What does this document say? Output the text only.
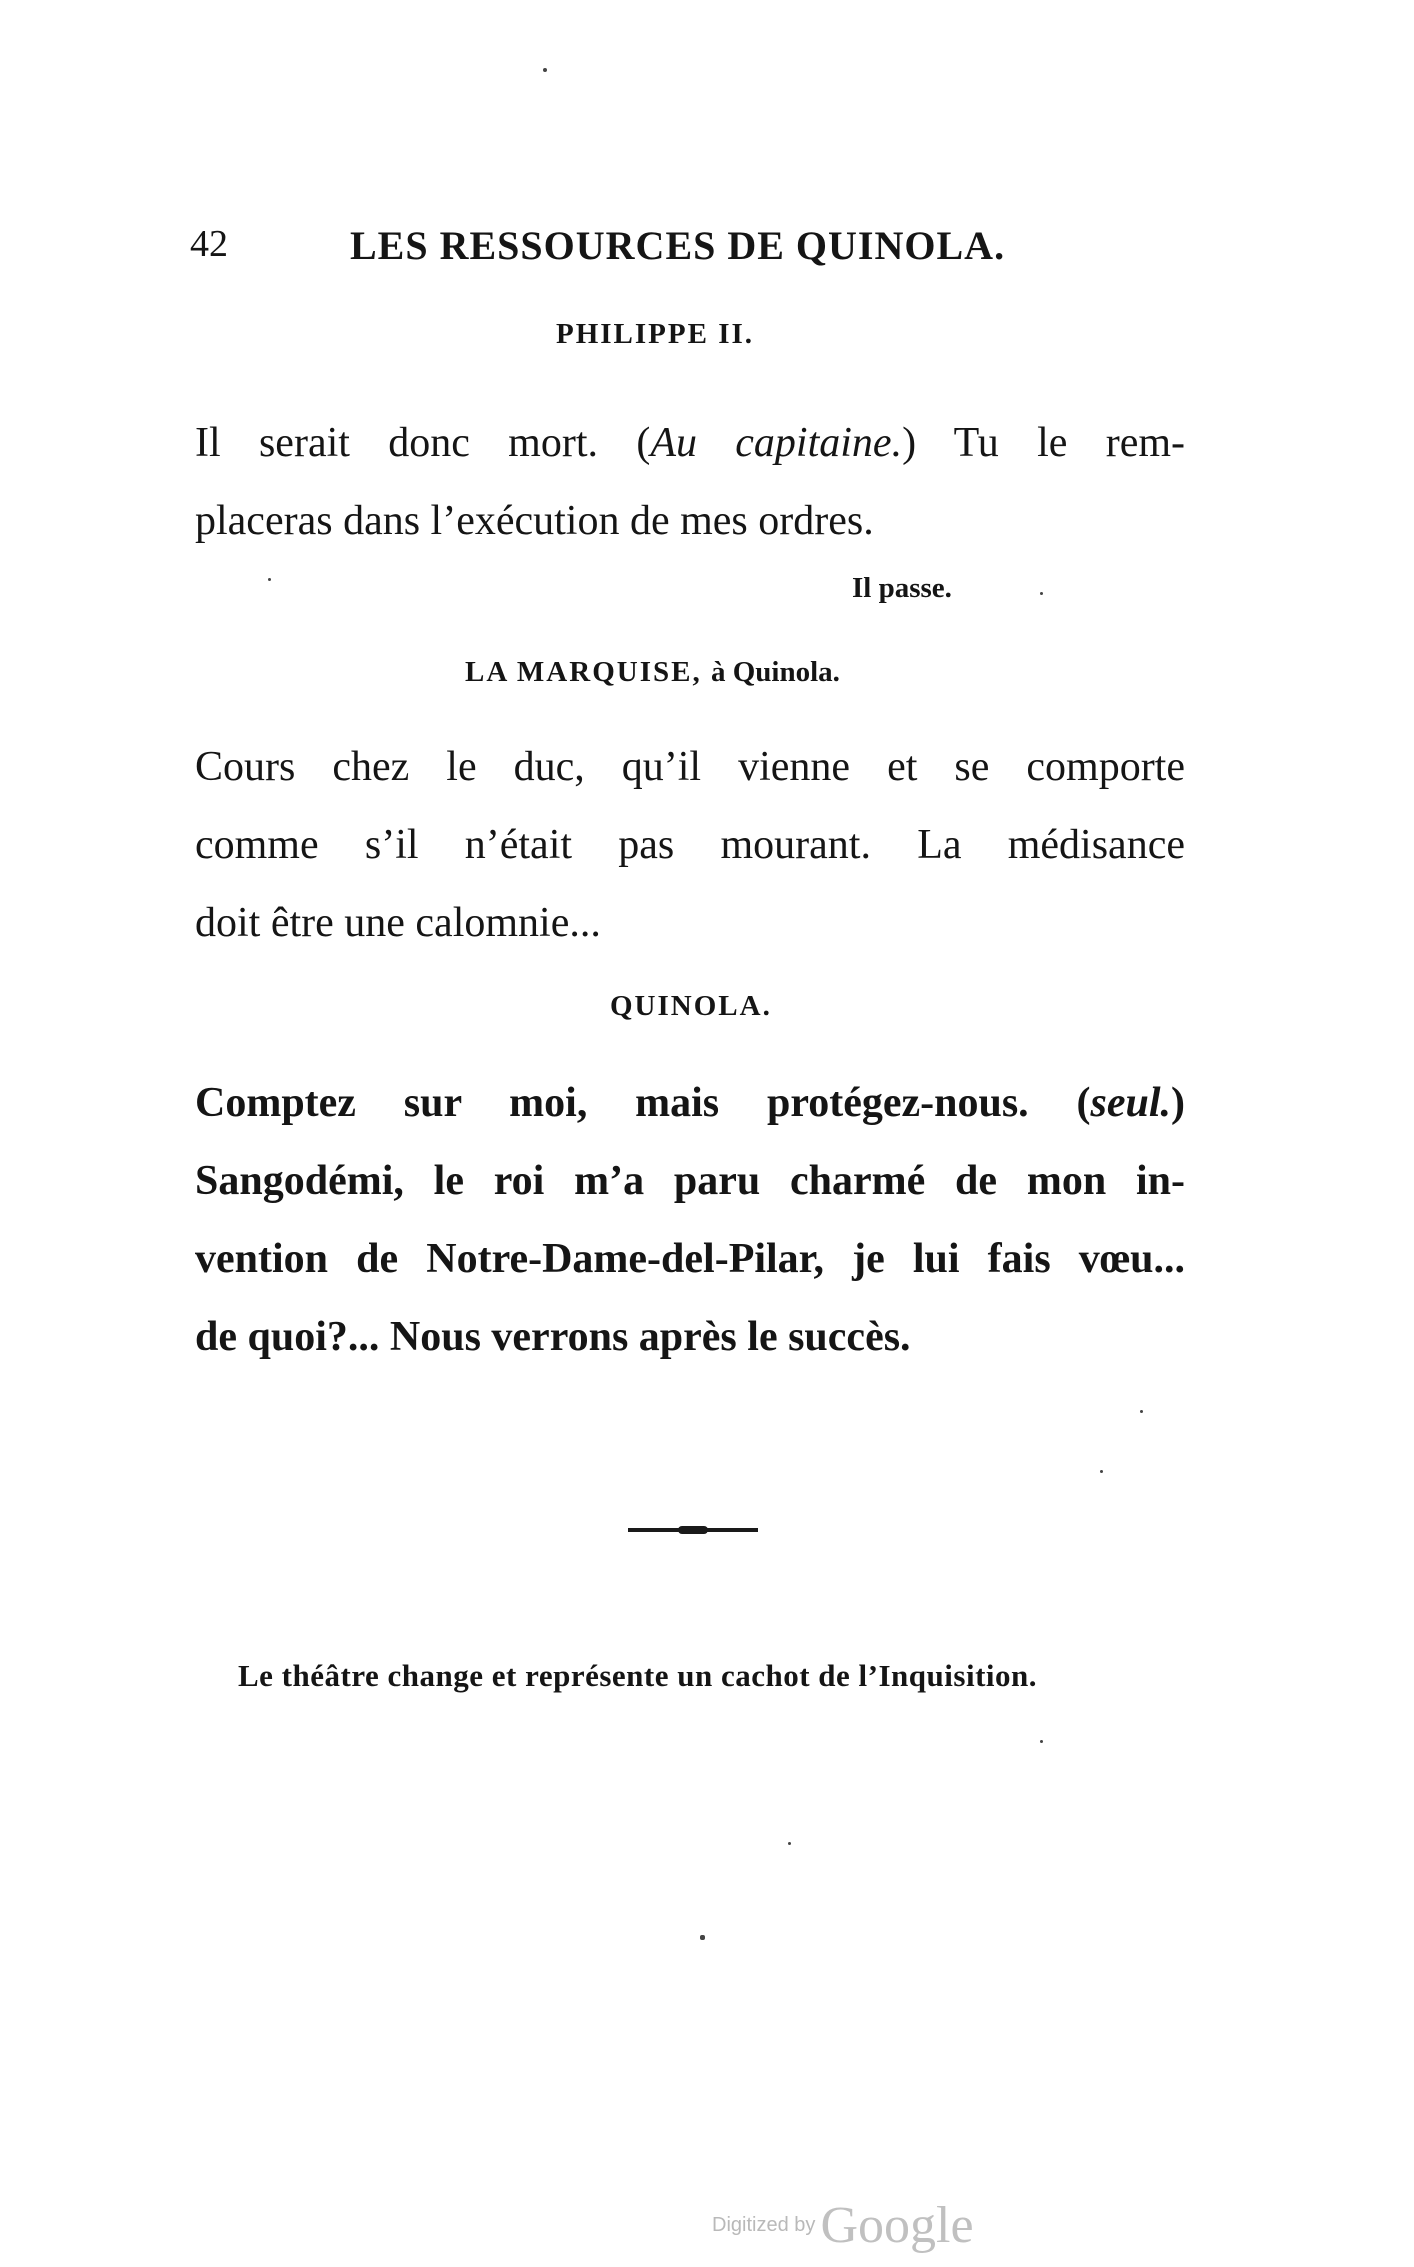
42	LES RESSOURCES DE QUINOLA.
PHILIPPE II.
Il serait donc mort. (Au capitaine.) Tu le rem-
placeras dans l’exécution de mes ordres.
Il passe.
LA MARQUISE, à Quinola.
Cours chez le duc, qu’il vienne et se comporte
comme s’il n’était pas mourant. La médisance
doit être une calomnie...
QUINOLA.
Comptez sur moi, mais protégez-nous. (seul.)
Sangodémi, le roi m’a paru charmé de mon in-
vention de Notre-Dame-del-Pilar, je lui fais vœu...
de quoi?... Nous verrons après le succès.
Le théâtre change et représente un cachot de l’Inquisition.
Digitized by Google
